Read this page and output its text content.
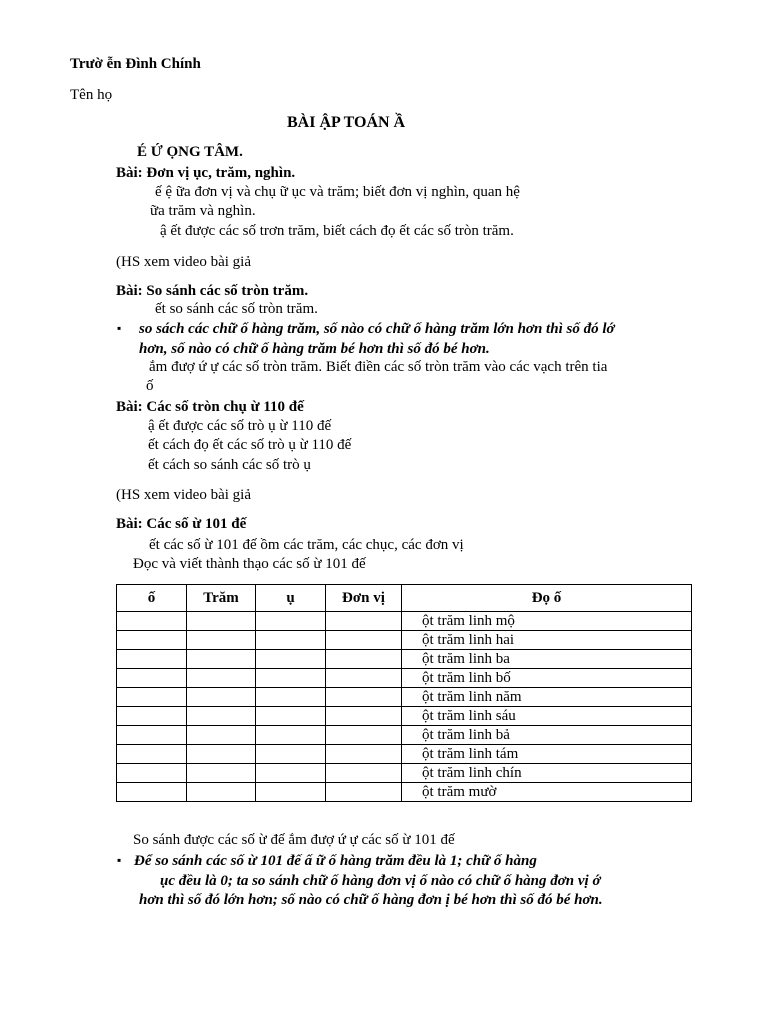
Trườ ễn Đình Chính
Tên họ
BÀI ẬP TOÁN Ầ
É Ứ ỌNG TÂM.
Bài: Đơn vị ục, trăm, nghìn.
ế ệ ữa đơn vị và chụ ữ ục và trăm; biết đơn vị nghìn, quan hệ
ữa trăm và nghìn.
ậ ết được các số trơn trăm, biết cách đọ ết các số tròn trăm.
(HS xem video bài giả
Bài: So sánh các số tròn trăm.
ết so sánh các số tròn trăm.
▪ so sách các chữ ố hàng trăm, số nào có chữ ố hàng trăm lớn hơn thì số đó lớ
hơn, số nào có chữ ố hàng trăm bé hơn thì số đó bé hơn.
ắm đượ ứ ự các số tròn trăm. Biết điền các số tròn trăm vào các vạch trên tia
ố
Bài: Các số tròn chụ ừ 110 đế
ậ ết được các số trò ụ ừ 110 đế
ết cách đọ ết các số trò ụ ừ 110 đế
ết cách so sánh các số trò ụ
(HS xem video bài giả
Bài: Các số ừ 101 đế
ết các số ừ 101 đế ồm các trăm, các chục, các đơn vị
Đọc và viết thành thạo các số ừ 101 đế
ố	Trăm	ụ	Đơn vị	Đọ ố
				ột trăm linh mộ
				ột trăm linh hai
				ột trăm linh ba
				ột trăm linh bố
				ột trăm linh năm
				ột trăm linh sáu
				ột trăm linh bả
				ột trăm linh tám
				ột trăm linh chín
				ột trăm mườ
So sánh được các số ừ đế ắm đượ ứ ự các số ừ 101 đế
▪ Để so sánh các số ừ 101 đế ấ ữ ố hàng trăm đều là 1; chữ ố hàng
ục đều là 0; ta so sánh chữ ố hàng đơn vị ố nào có chữ ố hàng đơn vị ớ
hơn thì số đó lớn hơn; số nào có chữ ố hàng đơn ị bé hơn thì số đó bé hơn.
